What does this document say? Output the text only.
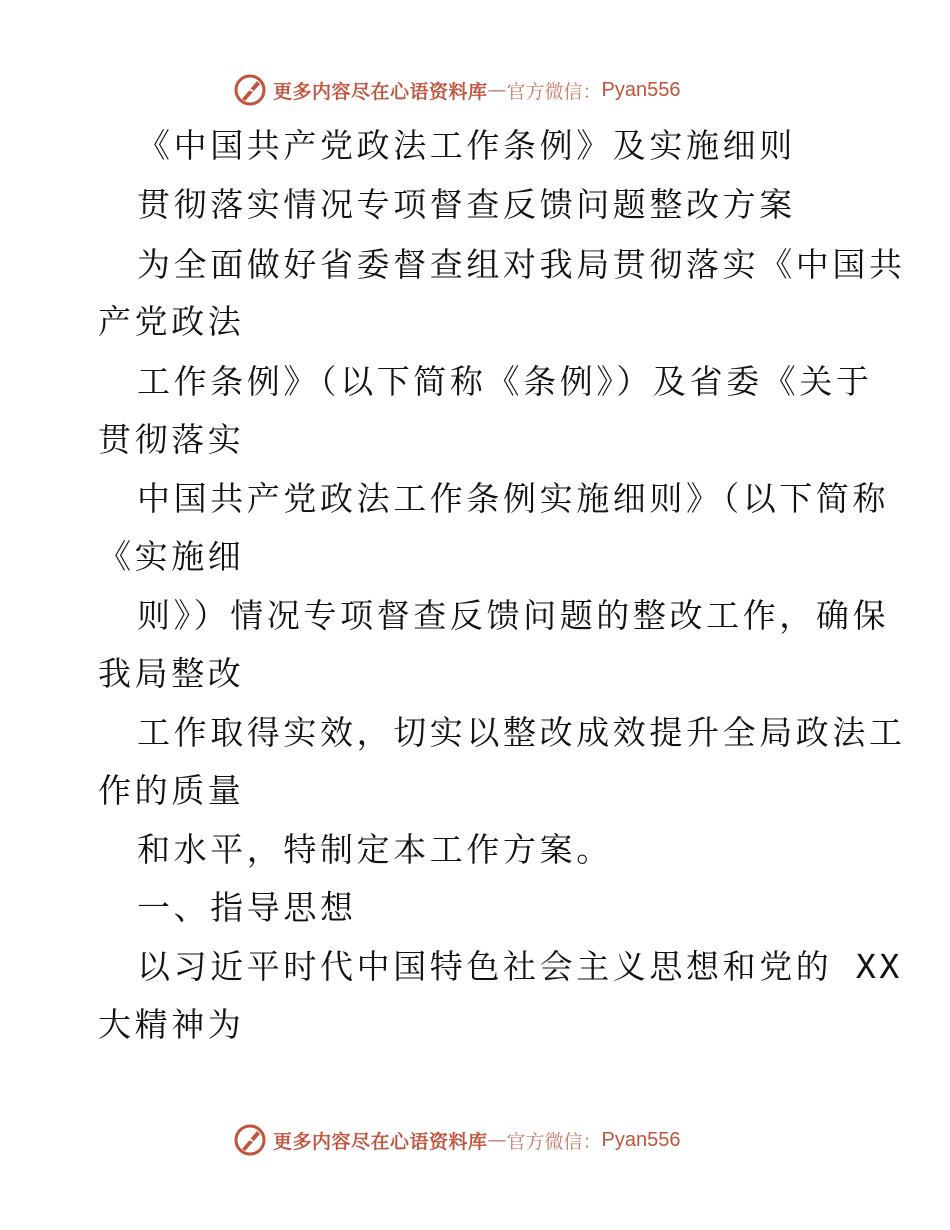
更多内容尽在心语资料库 — 官方微信： Pyan556
《中国共产党政法工作条例》及实施细则
贯彻落实情况专项督查反馈问题整改方案
为全面做好省委督查组对我局贯彻落实《中国共
产党政法
工作条例》（以下简称《条例》）及省委《关于
贯彻落实
中国共产党政法工作条例实施细则》（以下简称
《实施细
则》）情况专项督查反馈问题的整改工作，确保
我局整改
工作取得实效，切实以整改成效提升全局政法工
作的质量
和水平，特制定本工作方案。
一、指导思想
以习近平时代中国特色社会主义思想和党的 XX
大精神为
更多内容尽在心语资料库 — 官方微信： Pyan556
